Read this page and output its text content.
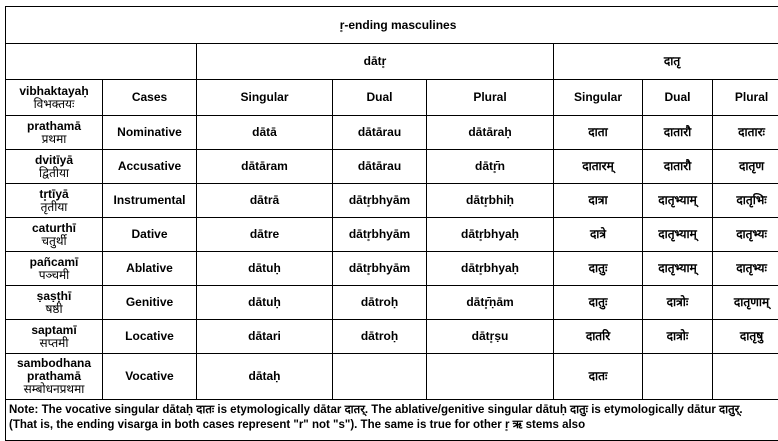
r̥-ending masculines							
		dātr̥			दातृ		

vibhaktayaḥ
विभक्तयः	Cases	Singular	Dual	Plural	Singular	Dual	Plural

prathamā
प्रथमा	Nominative	dātā	dātārau	dātāraḥ	दाता	दातारौ	दातारः

dvitīyā
द्वितीया	Accusative	dātāram	dātārau	dātr̥̄n	दातारम्	दातारौ	दातृण

tr̥tīyā
तृतीया	Instrumental	dātrā	dātr̥bhyām	dātr̥bhiḥ	दात्रा	दातृभ्याम्	दातृभिः

caturthī
चतुर्थी	Dative	dātre	dātr̥bhyām	dātr̥bhyaḥ	दात्रे	दातृभ्याम्	दातृभ्यः

pañcamī
पञ्चमी	Ablative	dātuḥ	dātr̥bhyām	dātr̥bhyaḥ	दातुः	दातृभ्याम्	दातृभ्यः

ṣaṣṭhī
षष्ठी	Genitive	dātuḥ	dātroḥ	dātr̥̄ṇām	दातुः	दात्रोः	दातृणाम्

saptamī
सप्तमी	Locative	dātari	dātroḥ	dātr̥ṣu	दातरि	दात्रोः	दातृषु

sambodhana
prathamā
सम्बोधनप्रथमा	Vocative	dātaḥ			दातः		

Note: The vocative singular dātaḥ दातः is etymologically dātar दातर्. The ablative/genitive singular dātuḥ दातुः is etymologically dātur दातुर्.
(That is, the ending visarga in both cases represent "r" not "s"). The same is true for other r̥ ऋ stems also							
